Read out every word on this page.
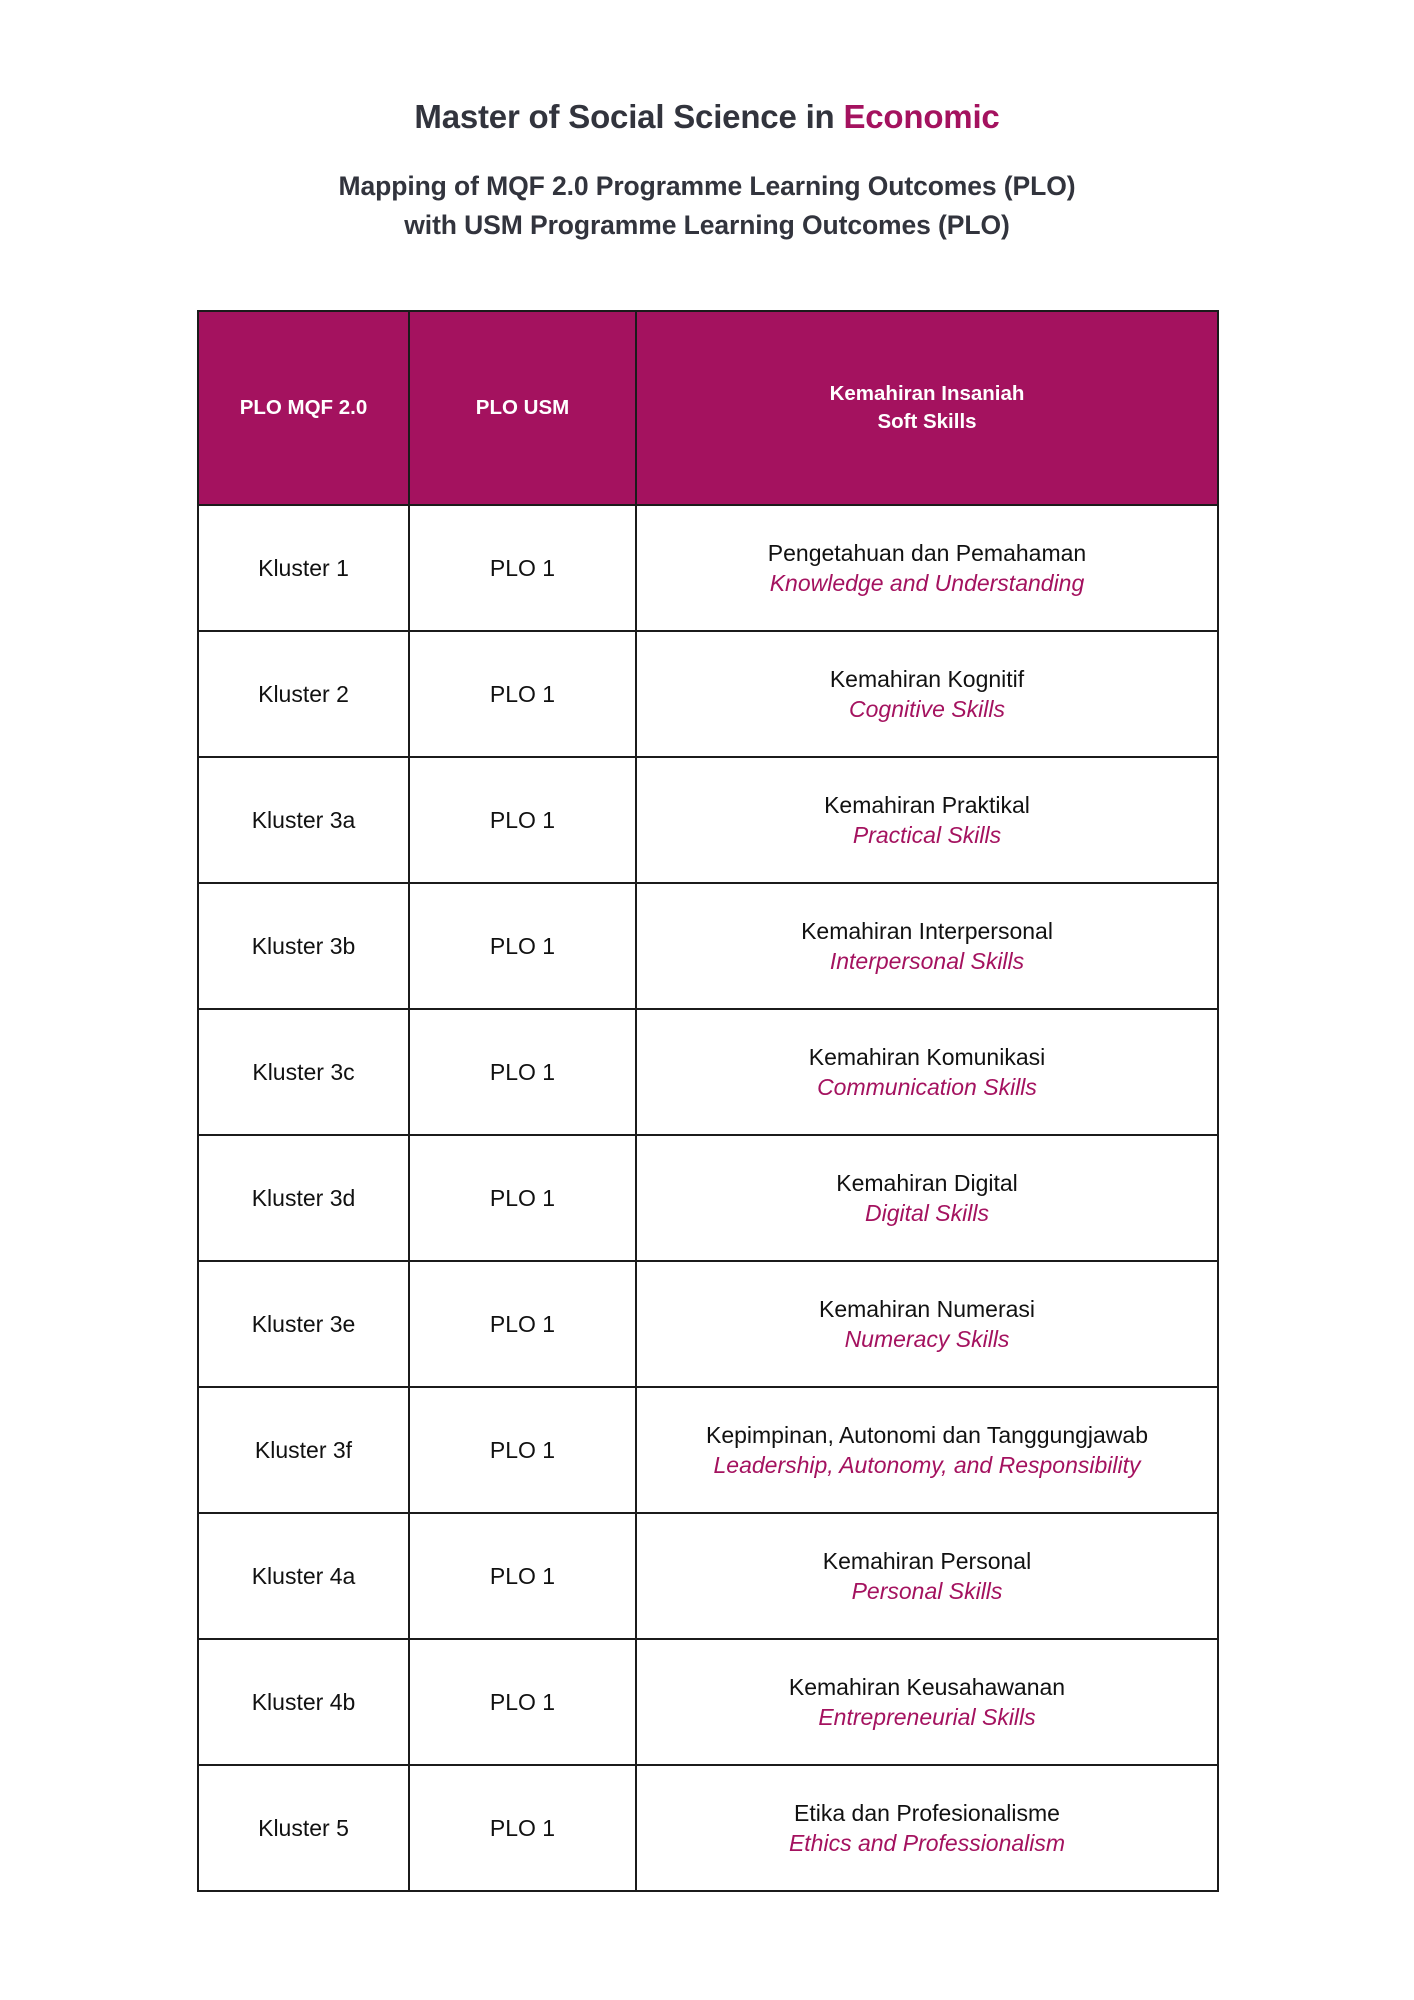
Master of Social Science in Economic
Mapping of MQF 2.0 Programme Learning Outcomes (PLO)
with USM Programme Learning Outcomes (PLO)
PLO MQF 2.0	PLO USM	Kemahiran Insaniah
Soft Skills

Kluster 1	PLO 1	Pengetahuan dan Pemahaman
Knowledge and Understanding

Kluster 2	PLO 1	Kemahiran Kognitif
Cognitive Skills

Kluster 3a	PLO 1	Kemahiran Praktikal
Practical Skills

Kluster 3b	PLO 1	Kemahiran Interpersonal
Interpersonal Skills

Kluster 3c	PLO 1	Kemahiran Komunikasi
Communication Skills

Kluster 3d	PLO 1	Kemahiran Digital
Digital Skills

Kluster 3e	PLO 1	Kemahiran Numerasi
Numeracy Skills

Kluster 3f	PLO 1	Kepimpinan, Autonomi dan Tanggungjawab
Leadership, Autonomy, and Responsibility

Kluster 4a	PLO 1	Kemahiran Personal
Personal Skills

Kluster 4b	PLO 1	Kemahiran Keusahawanan
Entrepreneurial Skills

Kluster 5	PLO 1	Etika dan Profesionalisme
Ethics and Professionalism
